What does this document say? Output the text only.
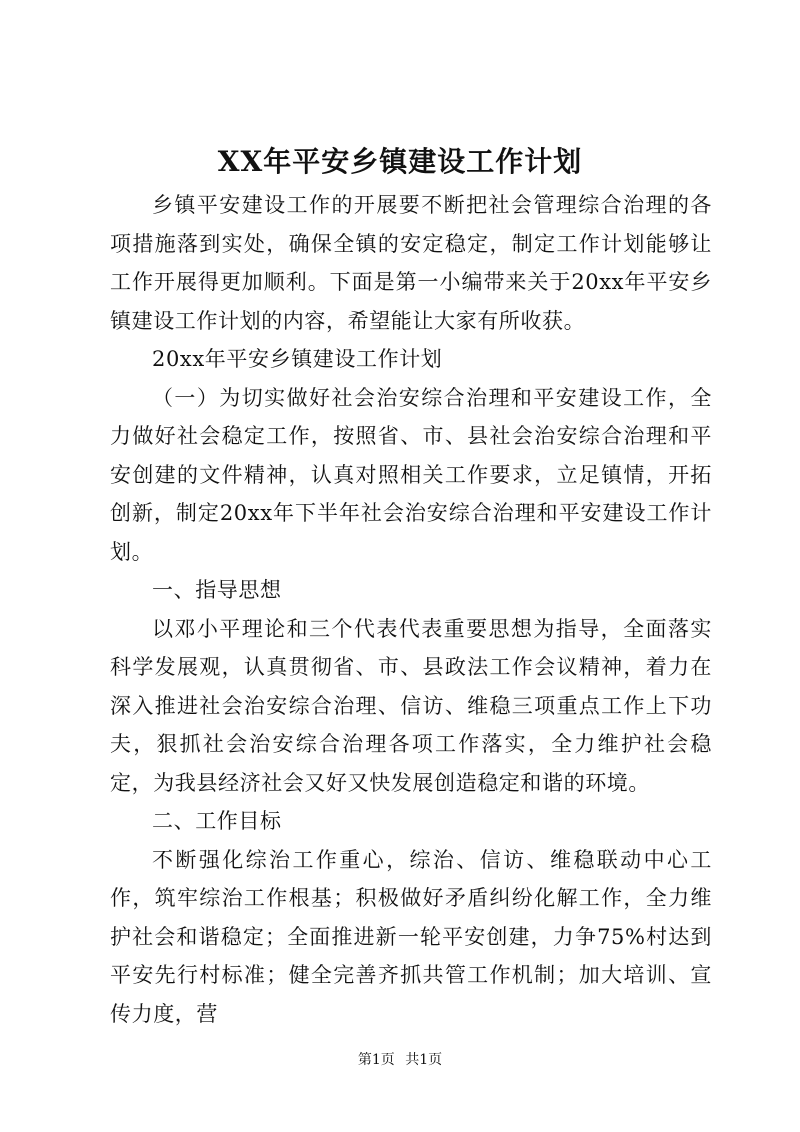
XX年平安乡镇建设工作计划

乡镇平安建设工作的开展要不断把社会管理综合治理的各项措施落到实处，确保全镇的安定稳定，制定工作计划能够让工作开展得更加顺利。下面是第一小编带来关于20xx年平安乡镇建设工作计划的内容，希望能让大家有所收获。

20xx年平安乡镇建设工作计划

（一）为切实做好社会治安综合治理和平安建设工作，全力做好社会稳定工作，按照省、市、县社会治安综合治理和平安创建的文件精神，认真对照相关工作要求，立足镇情，开拓创新，制定20xx年下半年社会治安综合治理和平安建设工作计划。

一、指导思想

以邓小平理论和三个代表代表重要思想为指导，全面落实科学发展观，认真贯彻省、市、县政法工作会议精神，着力在深入推进社会治安综合治理、信访、维稳三项重点工作上下功夫，狠抓社会治安综合治理各项工作落实，全力维护社会稳定，为我县经济社会又好又快发展创造稳定和谐的环境。

二、工作目标

不断强化综治工作重心，综治、信访、维稳联动中心工作，筑牢综治工作根基；积极做好矛盾纠纷化解工作，全力维护社会和谐稳定；全面推进新一轮平安创建，力争75%村达到平安先行村标准；健全完善齐抓共管工作机制；加大培训、宣传力度，营

第1页 共1页
